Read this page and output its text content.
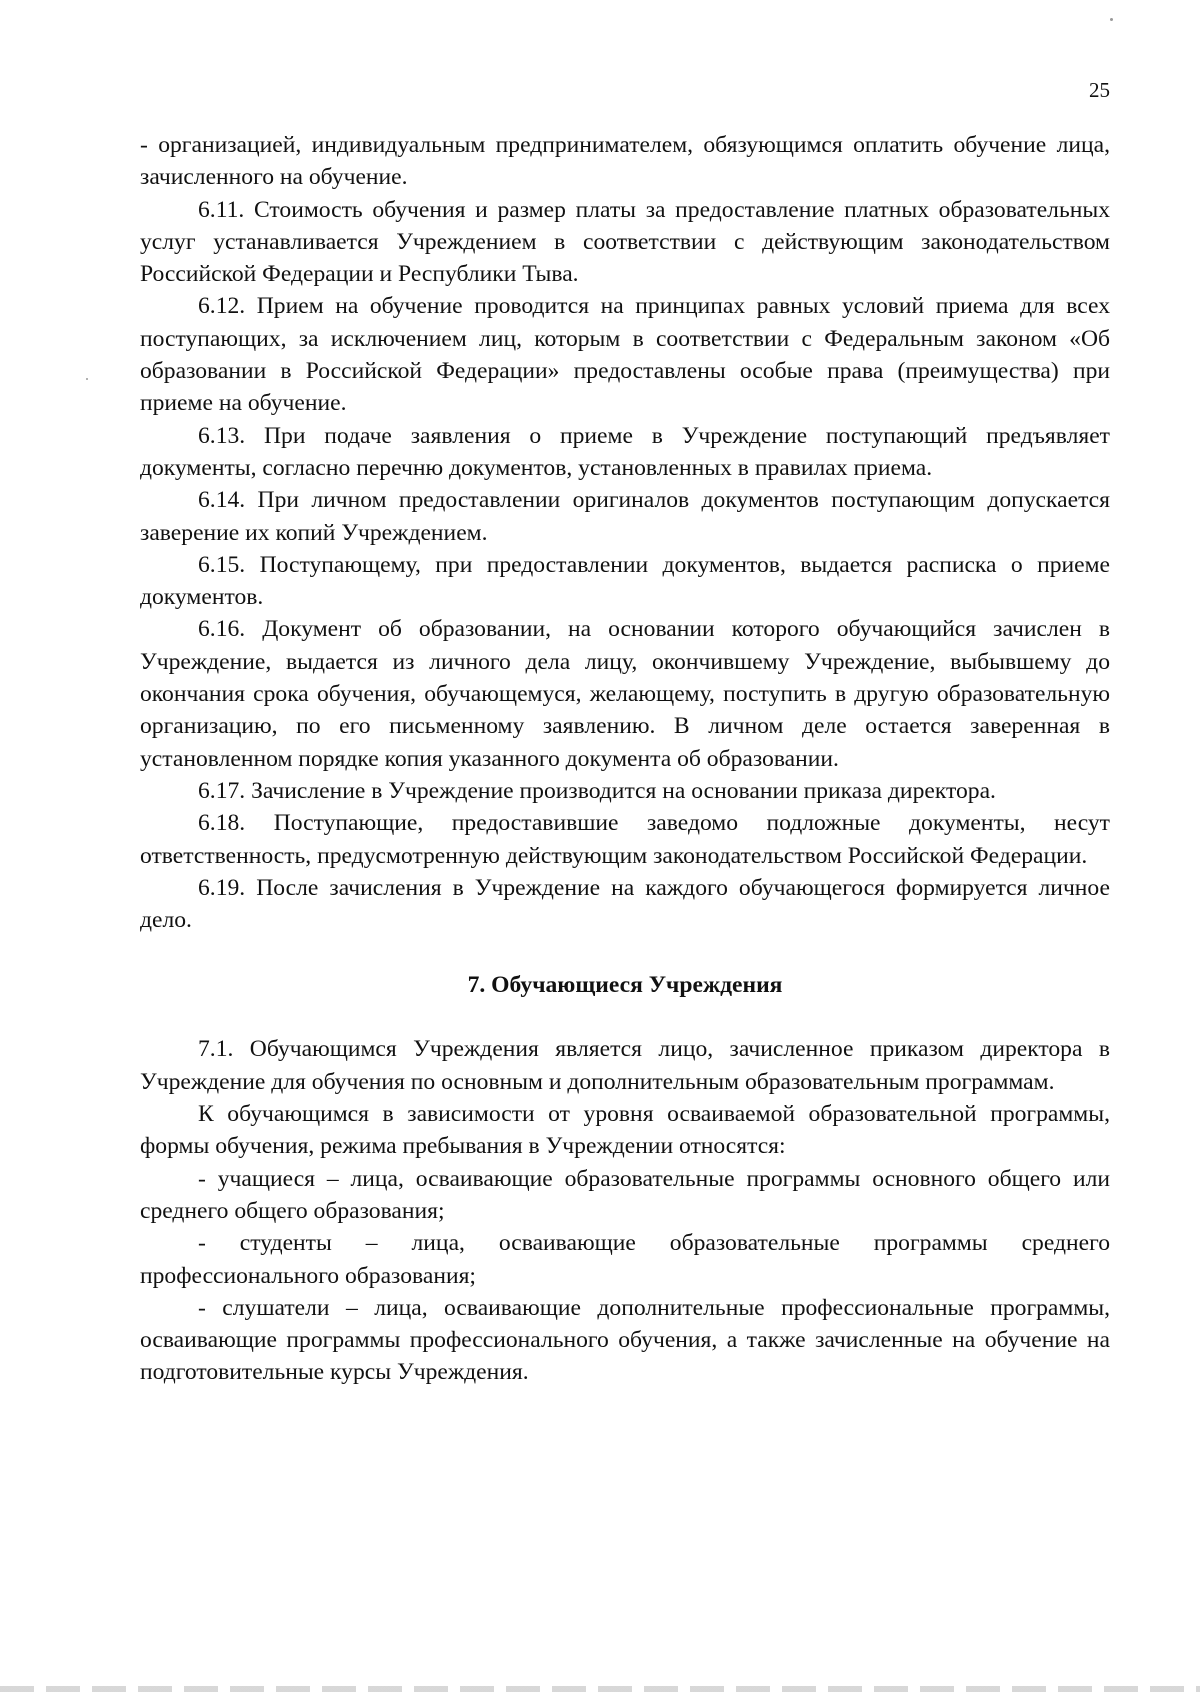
25

- организацией, индивидуальным предпринимателем, обязующимся оплатить обучение лица, зачисленного на обучение.

6.11. Стоимость обучения и размер платы за предоставление платных образовательных услуг устанавливается Учреждением в соответствии с действующим законодательством Российской Федерации и Республики Тыва.

6.12. Прием на обучение проводится на принципах равных условий приема для всех поступающих, за исключением лиц, которым в соответствии с Федеральным законом «Об образовании в Российской Федерации» предоставлены особые права (преимущества) при приеме на обучение.

6.13. При подаче заявления о приеме в Учреждение поступающий предъявляет документы, согласно перечню документов, установленных в правилах приема.

6.14. При личном предоставлении оригиналов документов поступающим допускается заверение их копий Учреждением.

6.15. Поступающему, при предоставлении документов, выдается расписка о приеме документов.

6.16. Документ об образовании, на основании которого обучающийся зачислен в Учреждение, выдается из личного дела лицу, окончившему Учреждение, выбывшему до окончания срока обучения, обучающемуся, желающему, поступить в другую образовательную организацию, по его письменному заявлению. В личном деле остается заверенная в установленном порядке копия указанного документа об образовании.

6.17. Зачисление в Учреждение производится на основании приказа директора.

6.18. Поступающие, предоставившие заведомо подложные документы, несут ответственность, предусмотренную действующим законодательством Российской Федерации.

6.19. После зачисления в Учреждение на каждого обучающегося формируется личное дело.

7. Обучающиеся Учреждения

7.1. Обучающимся Учреждения является лицо, зачисленное приказом директора в Учреждение для обучения по основным и дополнительным образовательным программам.

К обучающимся в зависимости от уровня осваиваемой образовательной программы, формы обучения, режима пребывания в Учреждении относятся:

- учащиеся – лица, осваивающие образовательные программы основного общего или среднего общего образования;

- студенты – лица, осваивающие образовательные программы среднего профессионального образования;

- слушатели – лица, осваивающие дополнительные профессиональные программы, осваивающие программы профессионального обучения, а также зачисленные на обучение на подготовительные курсы Учреждения.
